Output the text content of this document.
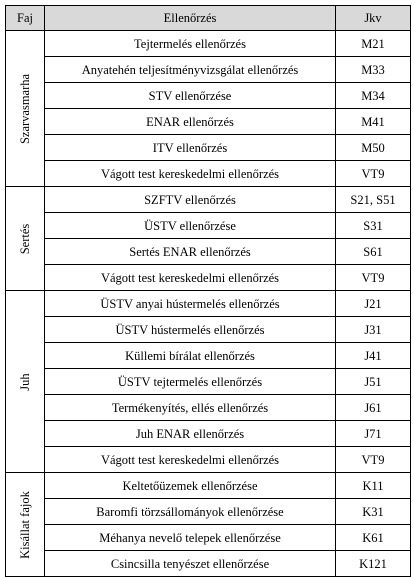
Faj	Ellenőrzés	Jkv

Szarvasmarha	Tejtermelés ellenőrzés	M21
	Anyatehén teljesítményvizsgálat ellenőrzés	M33
	STV ellenőrzése	M34
	ENAR ellenőrzés	M41
	ITV ellenőrzés	M50
	Vágott test kereskedelmi ellenőrzés	VT9

Sertés	SZFTV ellenőrzés	S21, S51
	ÜSTV ellenőrzése	S31
	Sertés ENAR ellenőrzés	S61
	Vágott test kereskedelmi ellenőrzés	VT9

Juh	ÜSTV anyai hústermelés ellenőrzés	J21
	ÜSTV hústermelés ellenőrzés	J31
	Küllemi bírálat ellenőrzés	J41
	ÜSTV tejtermelés ellenőrzés	J51
	Termékenyítés, ellés ellenőrzés	J61
	Juh ENAR ellenőrzés	J71
	Vágott test kereskedelmi ellenőrzés	VT9

Kisállat fajok	Keltetőüzemek ellenőrzése	K11
	Baromfi törzsállományok ellenőrzése	K31
	Méhanya nevelő telepek ellenőrzése	K61
	Csincsilla tenyészet ellenőrzése	K121
